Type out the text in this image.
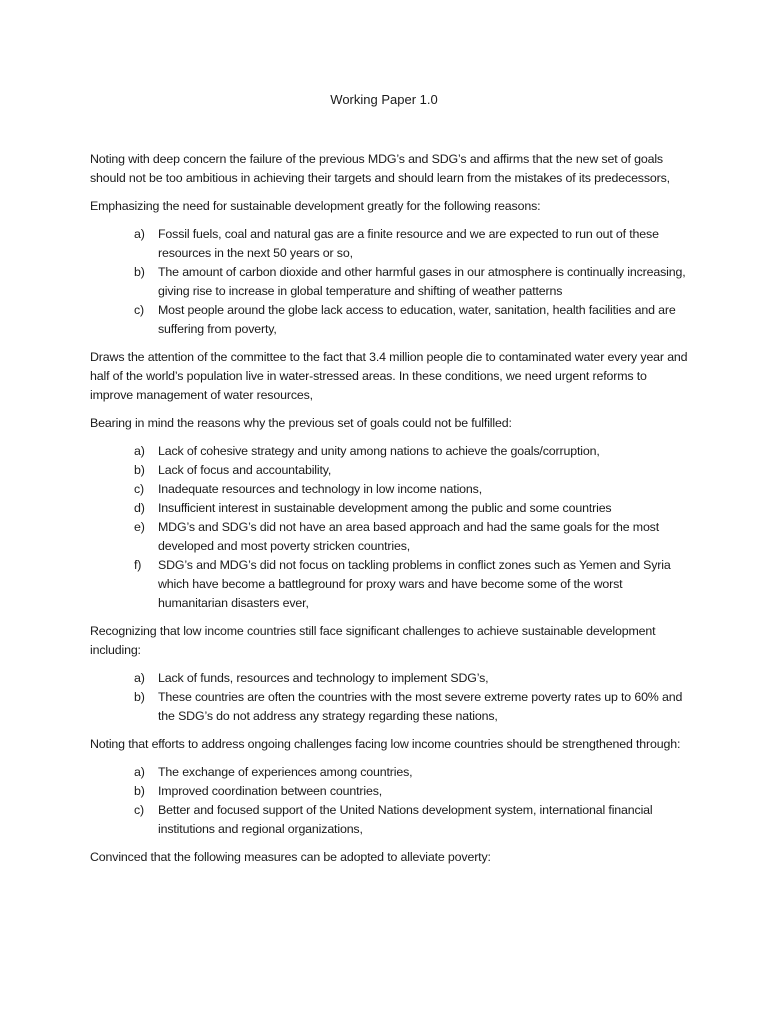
Working Paper 1.0

Noting with deep concern the failure of the previous MDG’s and SDG’s and affirms that the new set of goals should not be too ambitious in achieving their targets and should learn from the mistakes of its predecessors,

Emphasizing the need for sustainable development greatly for the following reasons:

a) Fossil fuels, coal and natural gas are a finite resource and we are expected to run out of these resources in the next 50 years or so,
b) The amount of carbon dioxide and other harmful gases in our atmosphere is continually increasing, giving rise to increase in global temperature and shifting of weather patterns
c) Most people around the globe lack access to education, water, sanitation, health facilities and are suffering from poverty,

Draws the attention of the committee to the fact that 3.4 million people die to contaminated water every year and half of the world’s population live in water-stressed areas. In these conditions, we need urgent reforms to improve management of water resources,

Bearing in mind the reasons why the previous set of goals could not be fulfilled:

a) Lack of cohesive strategy and unity among nations to achieve the goals/corruption,
b) Lack of focus and accountability,
c) Inadequate resources and technology in low income nations,
d) Insufficient interest in sustainable development among the public and some countries
e) MDG’s and SDG’s did not have an area based approach and had the same goals for the most developed and most poverty stricken countries,
f) SDG’s and MDG’s did not focus on tackling problems in conflict zones such as Yemen and Syria which have become a battleground for proxy wars and have become some of the worst humanitarian disasters ever,

Recognizing that low income countries still face significant challenges to achieve sustainable development including:

a) Lack of funds, resources and technology to implement SDG’s,
b) These countries are often the countries with the most severe extreme poverty rates up to 60% and the SDG’s do not address any strategy regarding these nations,

Noting that efforts to address ongoing challenges facing low income countries should be strengthened through:

a) The exchange of experiences among countries,
b) Improved coordination between countries,
c) Better and focused support of the United Nations development system, international financial institutions and regional organizations,

Convinced that the following measures can be adopted to alleviate poverty:
